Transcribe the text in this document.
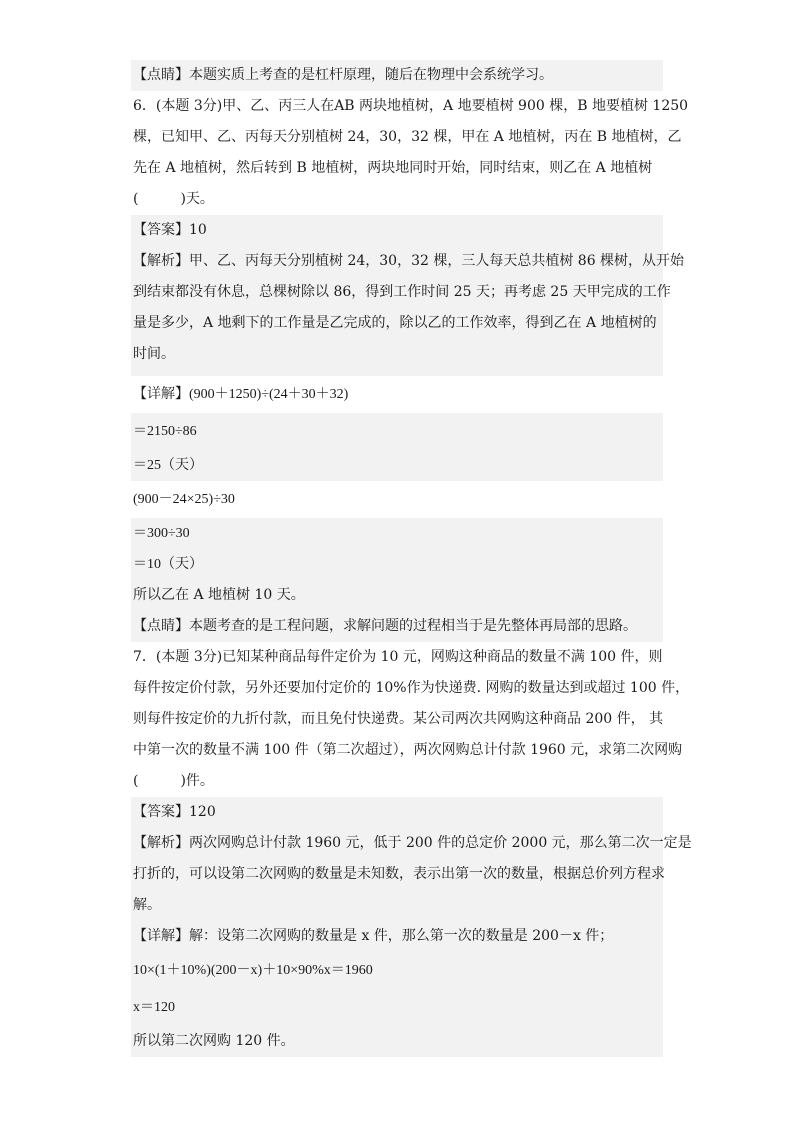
【点睛】本题实质上考查的是杠杆原理，随后在物理中会系统学习。
6．(本题 3分)甲、乙、丙三人在AB 两块地植树，A 地要植树 900 棵，B 地要植树 1250
棵，已知甲、乙、丙每天分别植树 24，30，32 棵，甲在 A 地植树，丙在 B 地植树，乙
先在 A 地植树，然后转到 B 地植树，两块地同时开始，同时结束，则乙在 A 地植树
(　　　)天。
【答案】10
【解析】甲、乙、丙每天分别植树 24，30，32 棵，三人每天总共植树 86 棵树，从开始
到结束都没有休息，总棵树除以 86，得到工作时间 25 天；再考虑 25 天甲完成的工作
量是多少，A 地剩下的工作量是乙完成的，除以乙的工作效率，得到乙在 A 地植树的
时间。
【详解】(900＋1250)÷(24＋30＋32)
＝2150÷86
＝25（天）
(900－24×25)÷30
＝300÷30
＝10（天）
所以乙在 A 地植树 10 天。
【点睛】本题考查的是工程问题，求解问题的过程相当于是先整体再局部的思路。
7．(本题 3分)已知某种商品每件定价为 10 元，网购这种商品的数量不满 100 件，则
每件按定价付款，另外还要加付定价的 10%作为快递费. 网购的数量达到或超过 100 件，
则每件按定价的九折付款，而且免付快递费。某公司两次共网购这种商品 200 件， 其
中第一次的数量不满 100 件（第二次超过），两次网购总计付款 1960 元，求第二次网购
(　　　)件。
【答案】120
【解析】两次网购总计付款 1960 元，低于 200 件的总定价 2000 元，那么第二次一定是
打折的，可以设第二次网购的数量是未知数，表示出第一次的数量，根据总价列方程求
解。
【详解】解：设第二次网购的数量是 x 件，那么第一次的数量是 200－x 件；
10×(1＋10%)(200－x)＋10×90%x＝1960
x＝120
所以第二次网购 120 件。
